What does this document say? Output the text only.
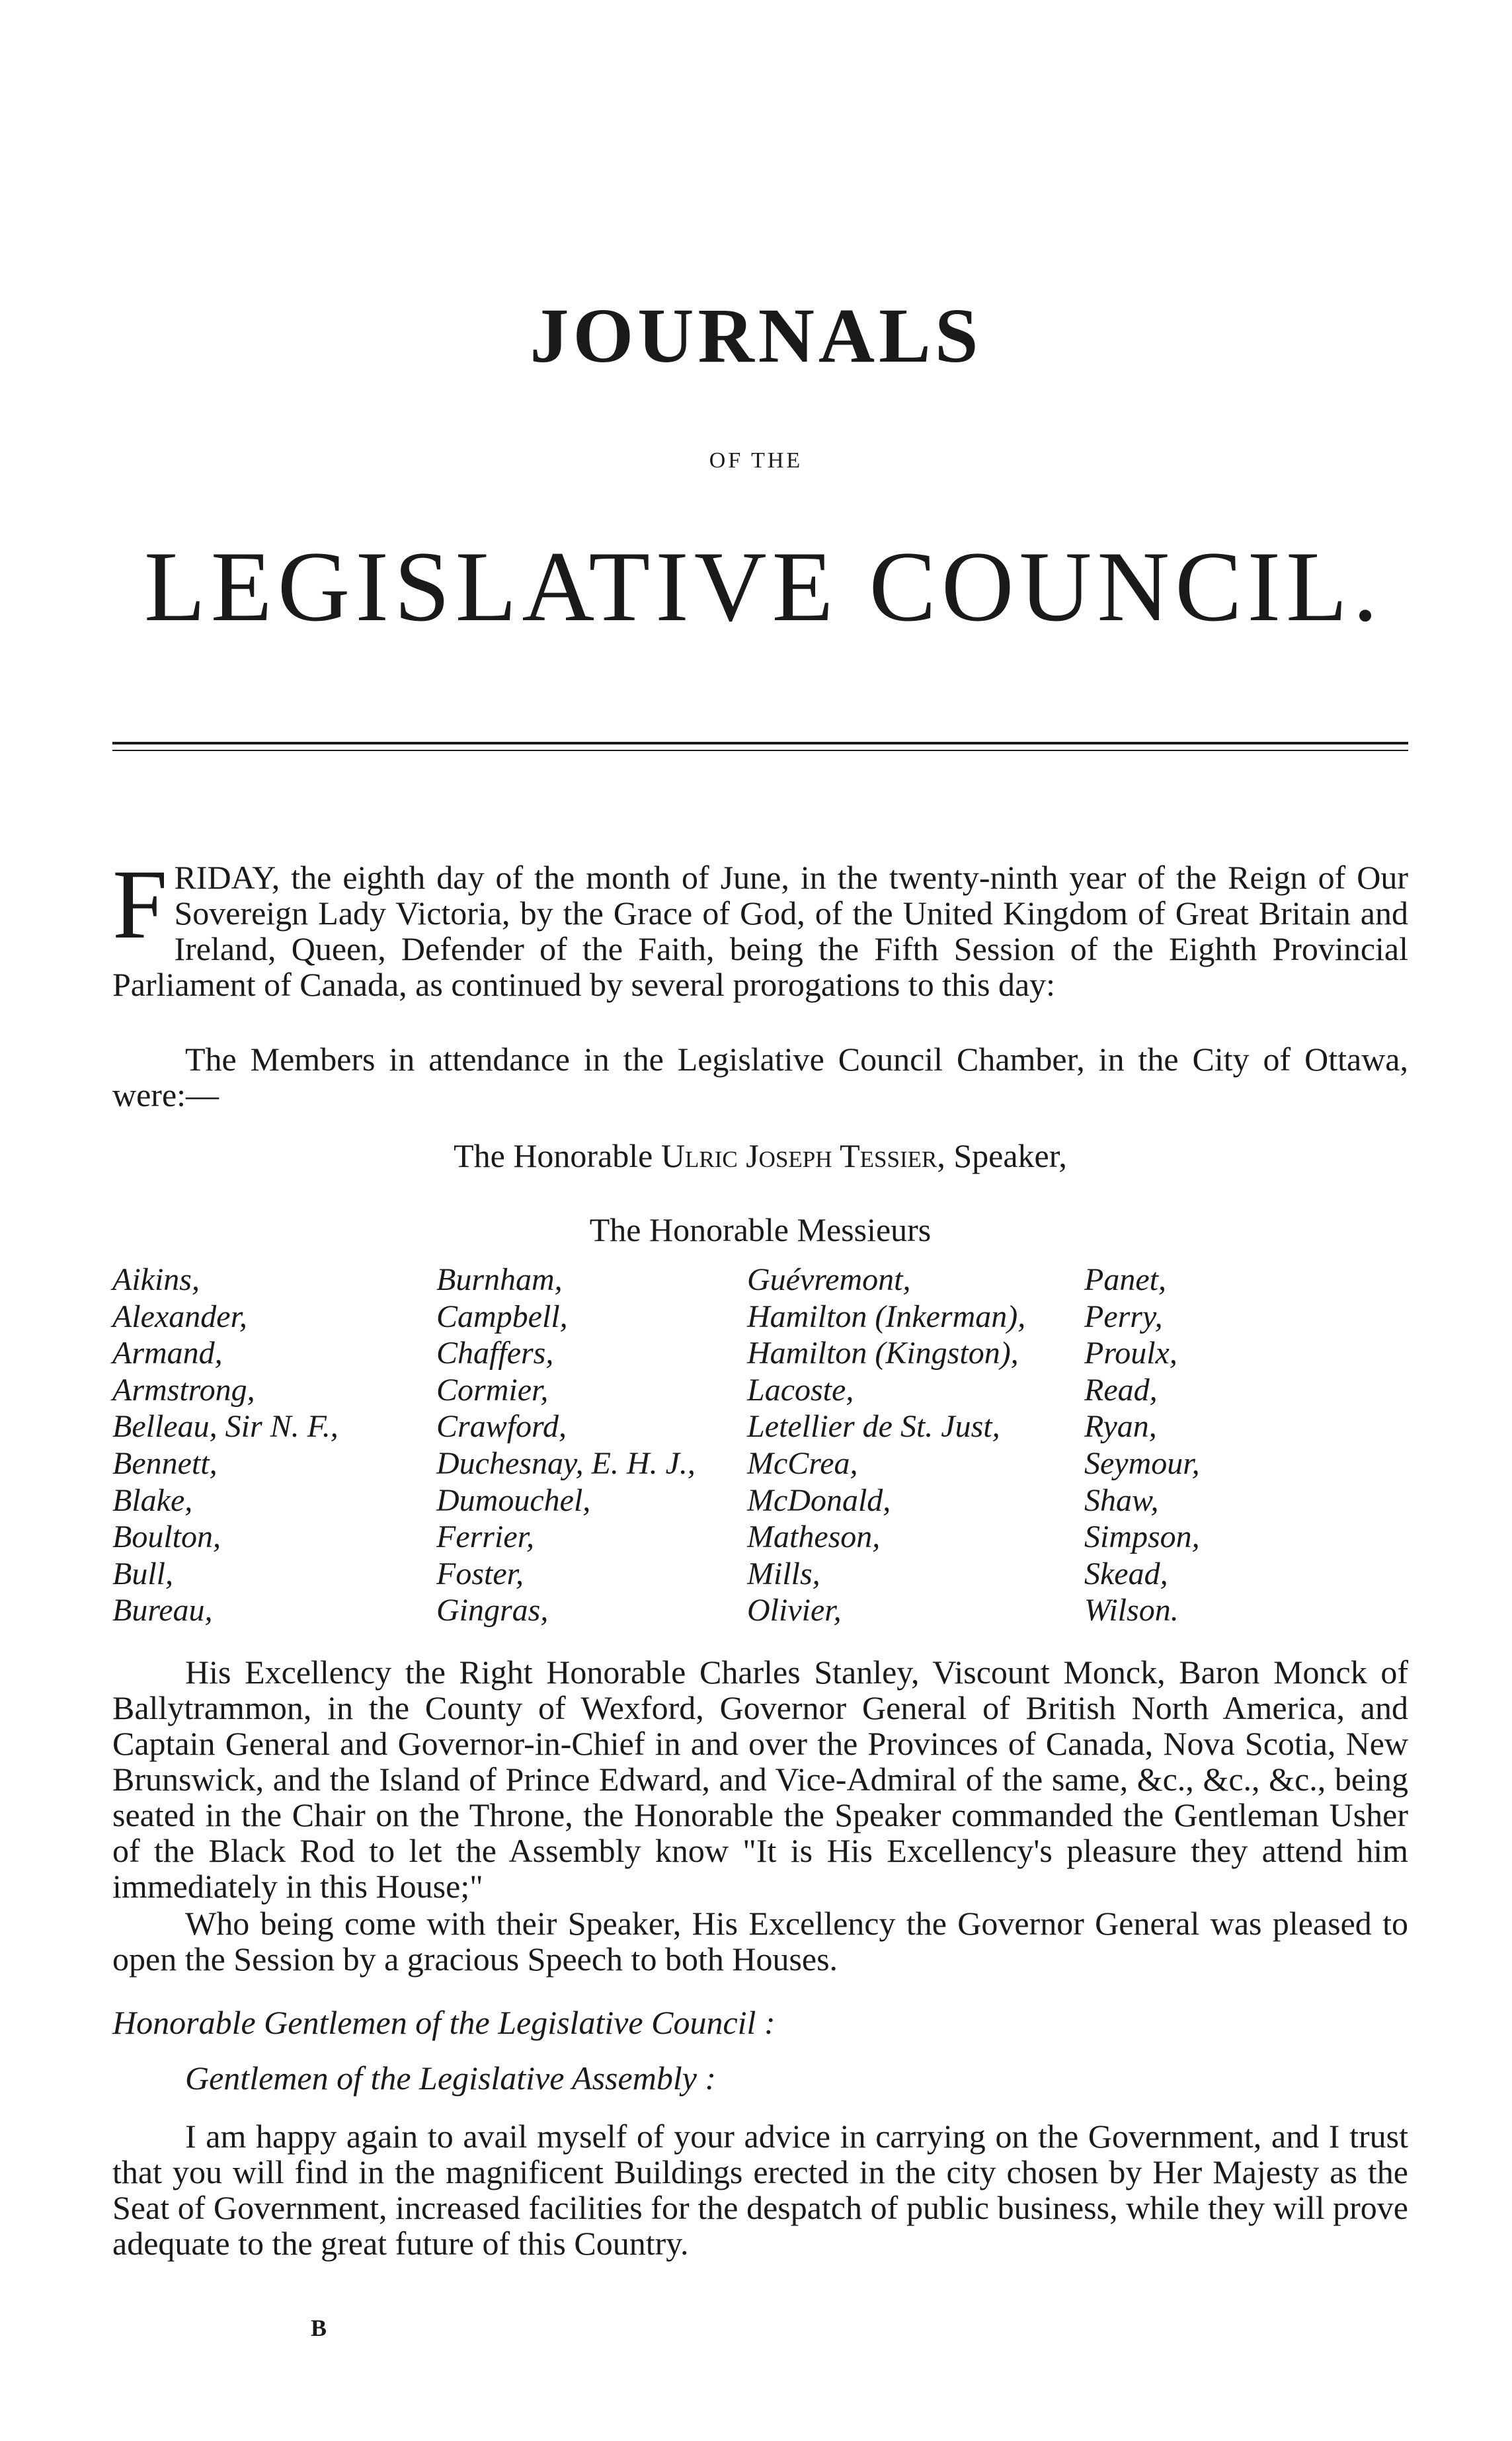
JOURNALS
OF THE
LEGISLATIVE COUNCIL.
FRIDAY, the eighth day of the month of June, in the twenty-ninth year of the Reign of Our Sovereign Lady Victoria, by the Grace of God, of the United Kingdom of Great Britain and Ireland, Queen, Defender of the Faith, being the Fifth Session of the Eighth Provincial Parliament of Canada, as continued by several prorogations to this day:
The Members in attendance in the Legislative Council Chamber, in the City of Ottawa, were:—
The Honorable Ulric Joseph Tessier, Speaker,
The Honorable Messieurs
Aikins,
Alexander,
Armand,
Armstrong,
Belleau, Sir N. F.,
Bennett,
Blake,
Boulton,
Bull,
Bureau,
Burnham,
Campbell,
Chaffers,
Cormier,
Crawford,
Duchesnay, E. H. J.,
Dumouchel,
Ferrier,
Foster,
Gingras,
Guévremont,
Hamilton (Inkerman),
Hamilton (Kingston),
Lacoste,
Letellier de St. Just,
McCrea,
McDonald,
Matheson,
Mills,
Olivier,
Panet,
Perry,
Proulx,
Read,
Ryan,
Seymour,
Shaw,
Simpson,
Skead,
Wilson.
His Excellency the Right Honorable Charles Stanley, Viscount Monck, Baron Monck of Ballytrammon, in the County of Wexford, Governor General of British North America, and Captain General and Governor-in-Chief in and over the Provinces of Canada, Nova Scotia, New Brunswick, and the Island of Prince Edward, and Vice-Admiral of the same, &c., &c., &c., being seated in the Chair on the Throne, the Honorable the Speaker commanded the Gentleman Usher of the Black Rod to let the Assembly know "It is His Excellency's pleasure they attend him immediately in this House;"
Who being come with their Speaker, His Excellency the Governor General was pleased to open the Session by a gracious Speech to both Houses.
Honorable Gentlemen of the Legislative Council :
Gentlemen of the Legislative Assembly :
I am happy again to avail myself of your advice in carrying on the Government, and I trust that you will find in the magnificent Buildings erected in the city chosen by Her Majesty as the Seat of Government, increased facilities for the despatch of public business, while they will prove adequate to the great future of this Country.
B
